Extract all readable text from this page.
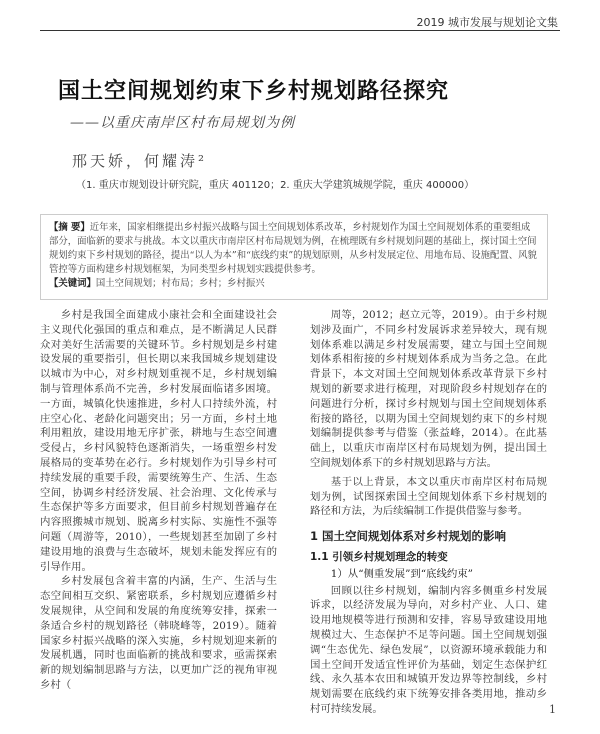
2019 城市发展与规划论文集
国土空间规划约束下乡村规划路径探究
——以重庆南岸区村布局规划为例
邢天娇，何耀涛²
（1. 重庆市规划设计研究院，重庆 401120；2. 重庆大学建筑城规学院，重庆 400000）
【摘 要】近年来，国家相继提出乡村振兴战略与国土空间规划体系改革，乡村规划作为国土空间规划体系的重要组成部分，面临新的要求与挑战。本文以重庆市南岸区村布局规划为例，在梳理既有乡村规划问题的基础上，探讨国土空间规划约束下乡村规划的路径，提出“以人为本”和“底线约束”的规划原则，从乡村发展定位、用地布局、设施配置、风貌管控等方面构建乡村规划框架，为同类型乡村规划实践提供参考。
【关键词】国土空间规划；村布局；乡村；乡村振兴

乡村是我国全面建成小康社会和全面建设社会主义现代化强国的重点和难点，是不断满足人民群众对美好生活需要的关键环节。乡村规划是乡村建设发展的重要指引，但长期以来我国城乡规划建设以城市为中心，对乡村规划重视不足，乡村规划编制与管理体系尚不完善，乡村发展面临诸多困境。一方面，城镇化快速推进，乡村人口持续外流，村庄空心化、老龄化问题突出；另一方面，乡村土地利用粗放，建设用地无序扩张，耕地与生态空间遭受侵占，乡村风貌特色逐渐消失，一场重塑乡村发展格局的变革势在必行。乡村规划作为引导乡村可持续发展的重要手段，需要统筹生产、生活、生态空间，协调乡村经济发展、社会治理、文化传承与生态保护等多方面要求，但目前乡村规划普遍存在内容照搬城市规划、脱离乡村实际、实施性不强等问题（周游等，2010），一些规划甚至加剧了乡村建设用地的浪费与生态破坏，规划未能发挥应有的引导作用。

乡村发展包含着丰富的内涵，生产、生活与生态空间相互交织、紧密联系，乡村规划应遵循乡村发展规律，从空间和发展的角度统筹安排，探索一条适合乡村的规划路径（韩晓峰等，2019）。随着国家乡村振兴战略的深入实施，乡村规划迎来新的发展机遇，同时也面临新的挑战和要求，亟需探索新的规划编制思路与方法，以更加广泛的视角审视乡村（

周等，2012；赵立元等，2019）。由于乡村规划涉及面广，不同乡村发展诉求差异较大，现有规划体系难以满足乡村发展需要，建立与国土空间规划体系相衔接的乡村规划体系成为当务之急。在此背景下，本文对国土空间规划体系改革背景下乡村规划的新要求进行梳理，对现阶段乡村规划存在的问题进行分析，探讨乡村规划与国土空间规划体系衔接的路径，以期为国土空间规划约束下的乡村规划编制提供参考与借鉴（张益峰，2014）。在此基础上，以重庆市南岸区村布局规划为例，提出国土空间规划体系下的乡村规划思路与方法。

基于以上背景，本文以重庆市南岸区村布局规划为例，试图探索国土空间规划体系下乡村规划的路径和方法，为后续编制工作提供借鉴与参考。

1 国土空间规划体系对乡村规划的影响
1.1 引领乡村规划理念的转变
1）从“侧重发展”到“底线约束”

回顾以往乡村规划，编制内容多侧重乡村发展诉求，以经济发展为导向，对乡村产业、人口、建设用地规模等进行预测和安排，容易导致建设用地规模过大、生态保护不足等问题。国土空间规划强调“生态优先、绿色发展”，以资源环境承载能力和国土空间开发适宜性评价为基础，划定生态保护红线、永久基本农田和城镇开发边界等控制线，乡村规划需要在底线约束下统筹安排各类用地，推动乡村可持续发展。	1
